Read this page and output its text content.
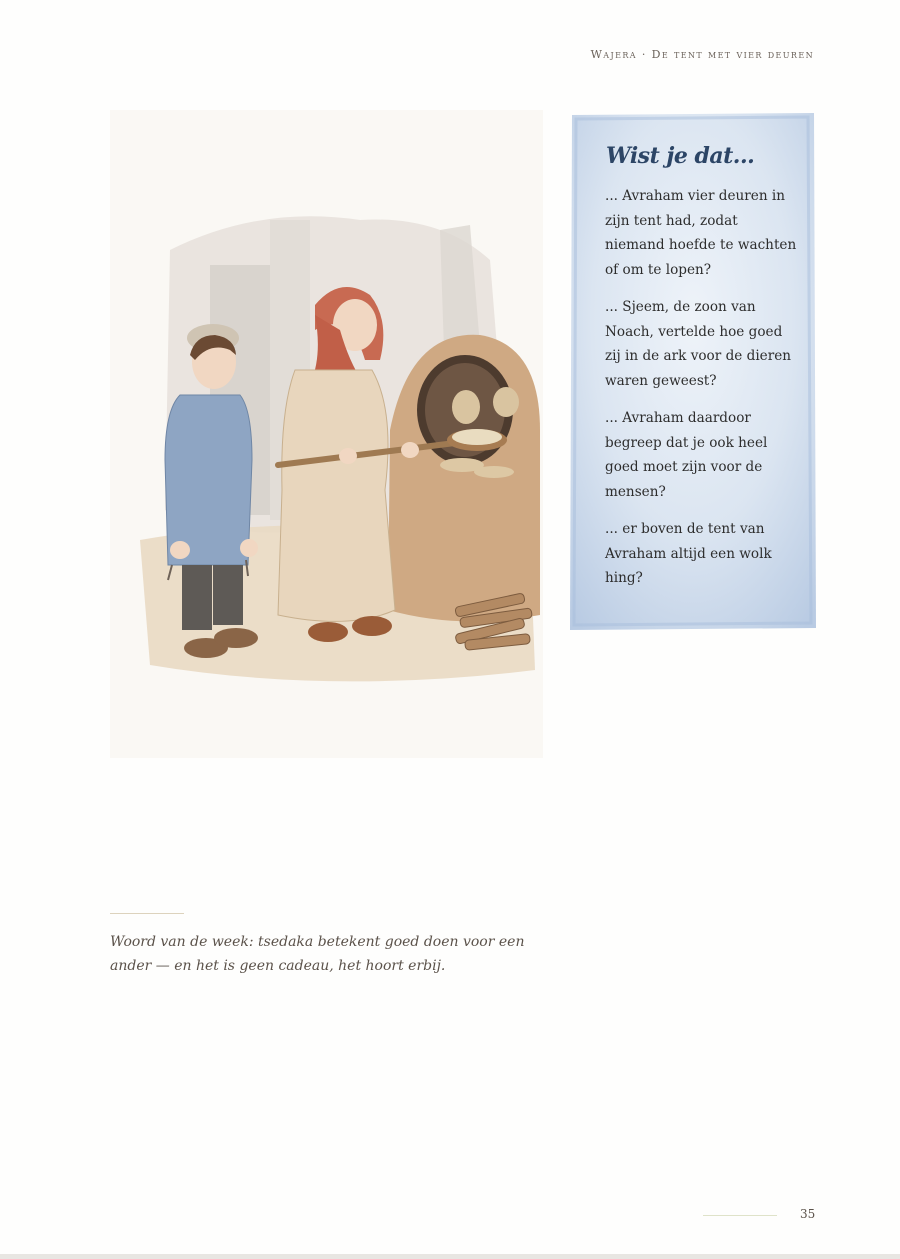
Wajera · De tent met vier deuren
Wist je dat...
... Avraham vier deuren in zijn tent had, zodat niemand hoefde te wachten of om te lopen?
... Sjeem, de zoon van Noach, vertelde hoe goed zij in de ark voor de dieren waren geweest?
... Avraham daardoor begreep dat je ook heel goed moet zijn voor de mensen?
... er boven de tent van Avraham altijd een wolk hing?
Woord van de week: tsedaka betekent goed doen voor een ander — en het is geen cadeau, het hoort erbij.
35
